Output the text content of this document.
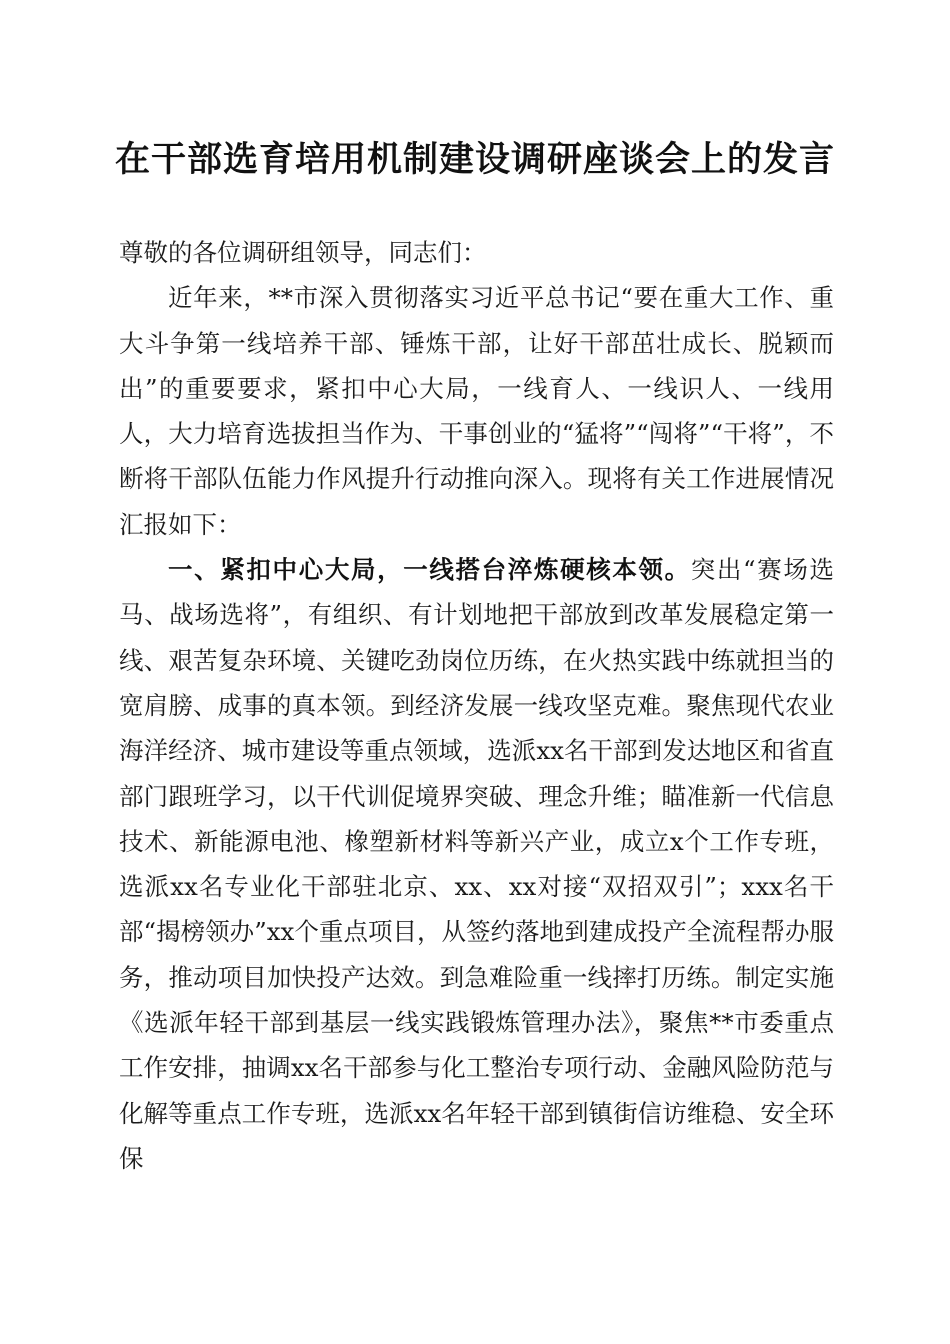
在干部选育培用机制建设调研座谈会上的发言

尊敬的各位调研组领导，同志们：

近年来，**市深入贯彻落实习近平总书记“要在重大工作、重大斗争第一线培养干部、锤炼干部，让好干部茁壮成长、脱颖而出”的重要要求，紧扣中心大局，一线育人、一线识人、一线用人，大力培育选拔担当作为、干事创业的“猛将”“闯将”“干将”，不断将干部队伍能力作风提升行动推向深入。现将有关工作进展情况汇报如下：

一、紧扣中心大局，一线搭台淬炼硬核本领。突出“赛场选马、战场选将”，有组织、有计划地把干部放到改革发展稳定第一线、艰苦复杂环境、关键吃劲岗位历练，在火热实践中练就担当的宽肩膀、成事的真本领。到经济发展一线攻坚克难。聚焦现代农业海洋经济、城市建设等重点领域，选派xx名干部到发达地区和省直部门跟班学习，以干代训促境界突破、理念升维；瞄准新一代信息技术、新能源电池、橡塑新材料等新兴产业，成立x个工作专班，选派xx名专业化干部驻北京、xx、xx对接“双招双引”；xxx名干部“揭榜领办”xx个重点项目，从签约落地到建成投产全流程帮办服务，推动项目加快投产达效。到急难险重一线摔打历练。制定实施《选派年轻干部到基层一线实践锻炼管理办法》，聚焦**市委重点工作安排，抽调xx名干部参与化工整治专项行动、金融风险防范与化解等重点工作专班，选派xx名年轻干部到镇街信访维稳、安全环保
